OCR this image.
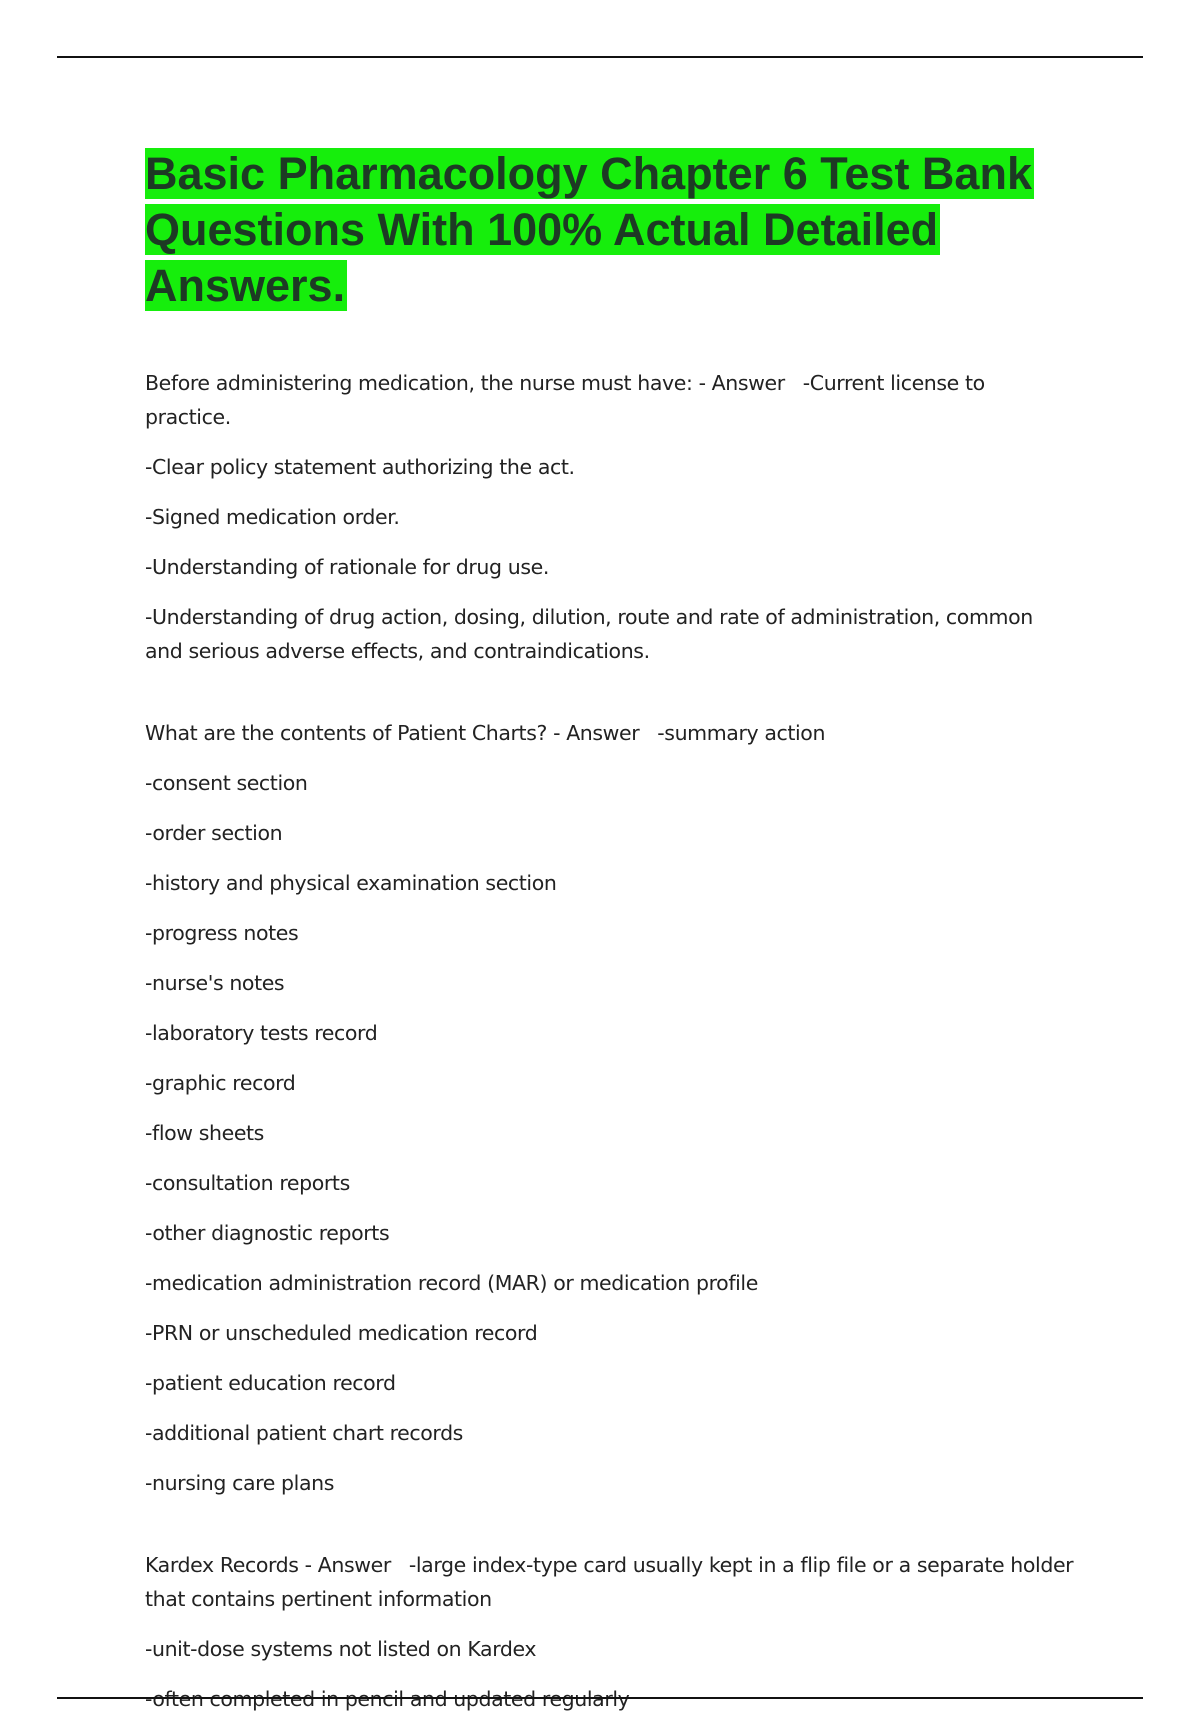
Basic Pharmacology Chapter 6 Test Bank Questions With 100% Actual Detailed Answers.

Before administering medication, the nurse must have: - Answer -Current license to practice.

-Clear policy statement authorizing the act.

-Signed medication order.

-Understanding of rationale for drug use.

-Understanding of drug action, dosing, dilution, route and rate of administration, common and serious adverse effects, and contraindications.

What are the contents of Patient Charts? - Answer -summary action

-consent section

-order section

-history and physical examination section

-progress notes

-nurse's notes

-laboratory tests record

-graphic record

-flow sheets

-consultation reports

-other diagnostic reports

-medication administration record (MAR) or medication profile

-PRN or unscheduled medication record

-patient education record

-additional patient chart records

-nursing care plans

Kardex Records - Answer -large index-type card usually kept in a flip file or a separate holder that contains pertinent information

-unit-dose systems not listed on Kardex

-often completed in pencil and updated regularly
